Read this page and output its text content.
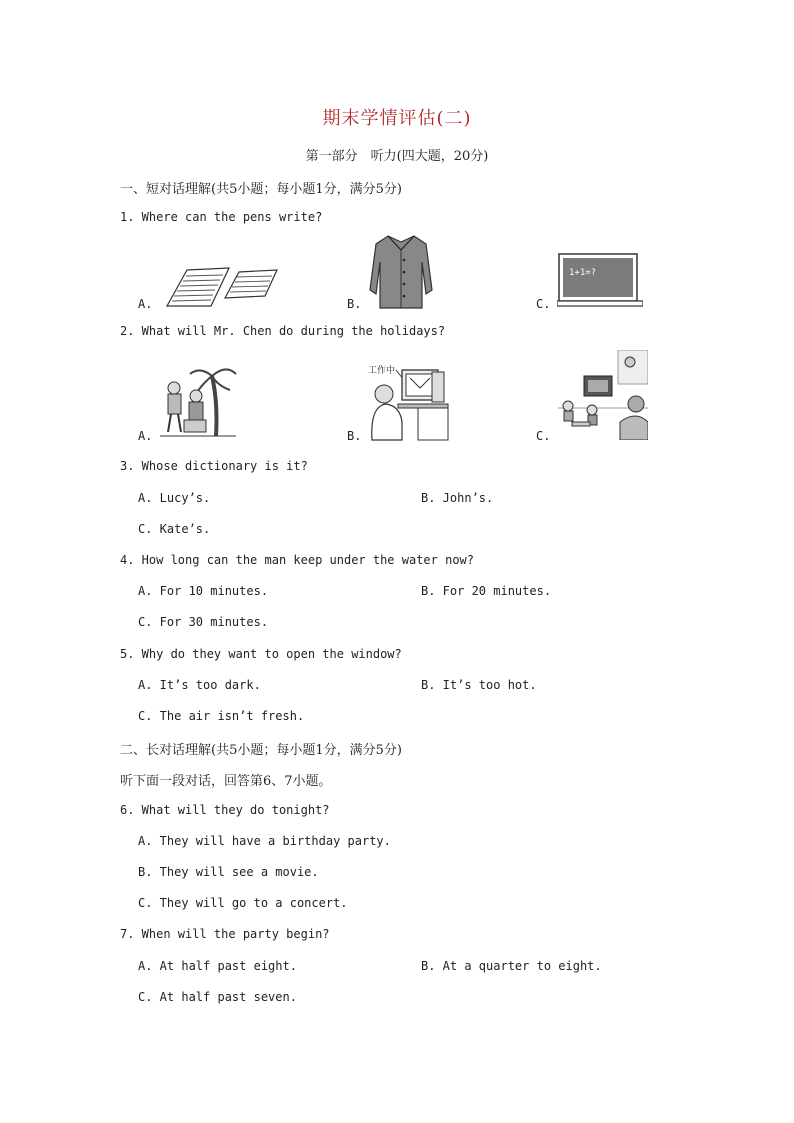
期末学情评估(二)
第一部分　听力(四大题，20分)
一、短对话理解(共5小题；每小题1分，满分5分)
1. Where can the pens write?
A.	B.	C.
1+1=?
2. What will Mr. Chen do during the holidays?
A.	B.
工作中
C.
3. Whose dictionary is it?
A. Lucy’s.	B. John’s.
C. Kate’s.
4. How long can the man keep under the water now?
A. For 10 minutes.	B. For 20 minutes.
C. For 30 minutes.
5. Why do they want to open the window?
A. It’s too dark.	B. It’s too hot.
C. The air isn’t fresh.
二、长对话理解(共5小题；每小题1分，满分5分)
听下面一段对话，回答第6、7小题。
6. What will they do tonight?
A. They will have a birthday party.
B. They will see a movie.
C. They will go to a concert.
7. When will the party begin?
A. At half past eight.	B. At a quarter to eight.
C. At half past seven.
